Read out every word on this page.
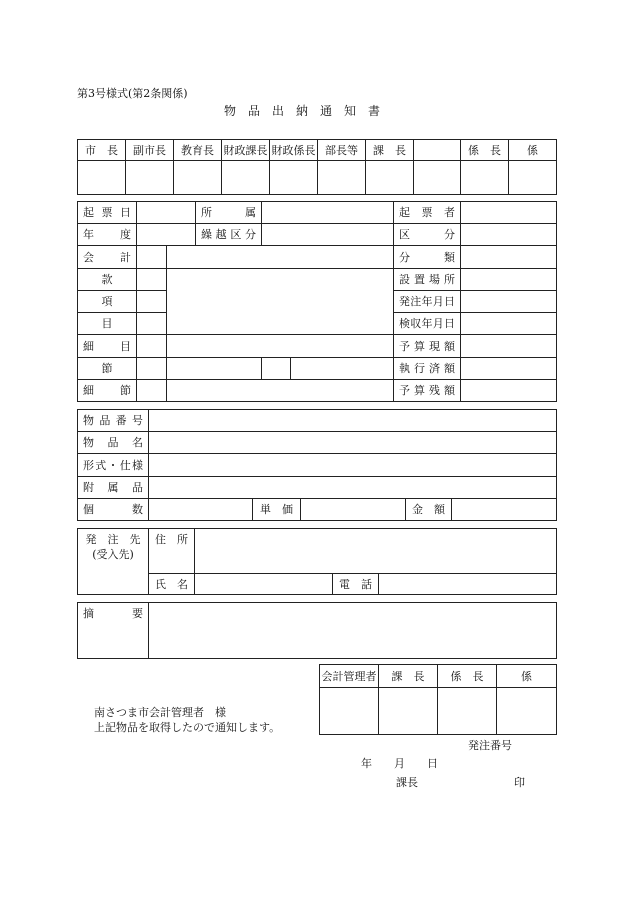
第3号様式(第2条関係)
物　品　出　納　通　知　書
市　長	副市長	教育長	財政課長	財政係長	部長等	課　長		係　長	係

起票日			所　属			起　票　者	
年　度			繰越区分			区　分	
会　計						分　類	
款						設置場所	
項						発注年月日	
目						検収年月日	
細　目						予算現額	
節						執行済額	
細　節						予算残額	
物品番号					
物品名					
形式・仕様					
附属品					
個　数		単　価		金　額	
発　注　先
(受入先)	住　所			
	氏　名		電　話	
摘　要	
会計管理者	課　長	係　長	係

南さつま市会計管理者　様
上記物品を取得したので通知します。
発注番号
年　　月　　日
課長	印
